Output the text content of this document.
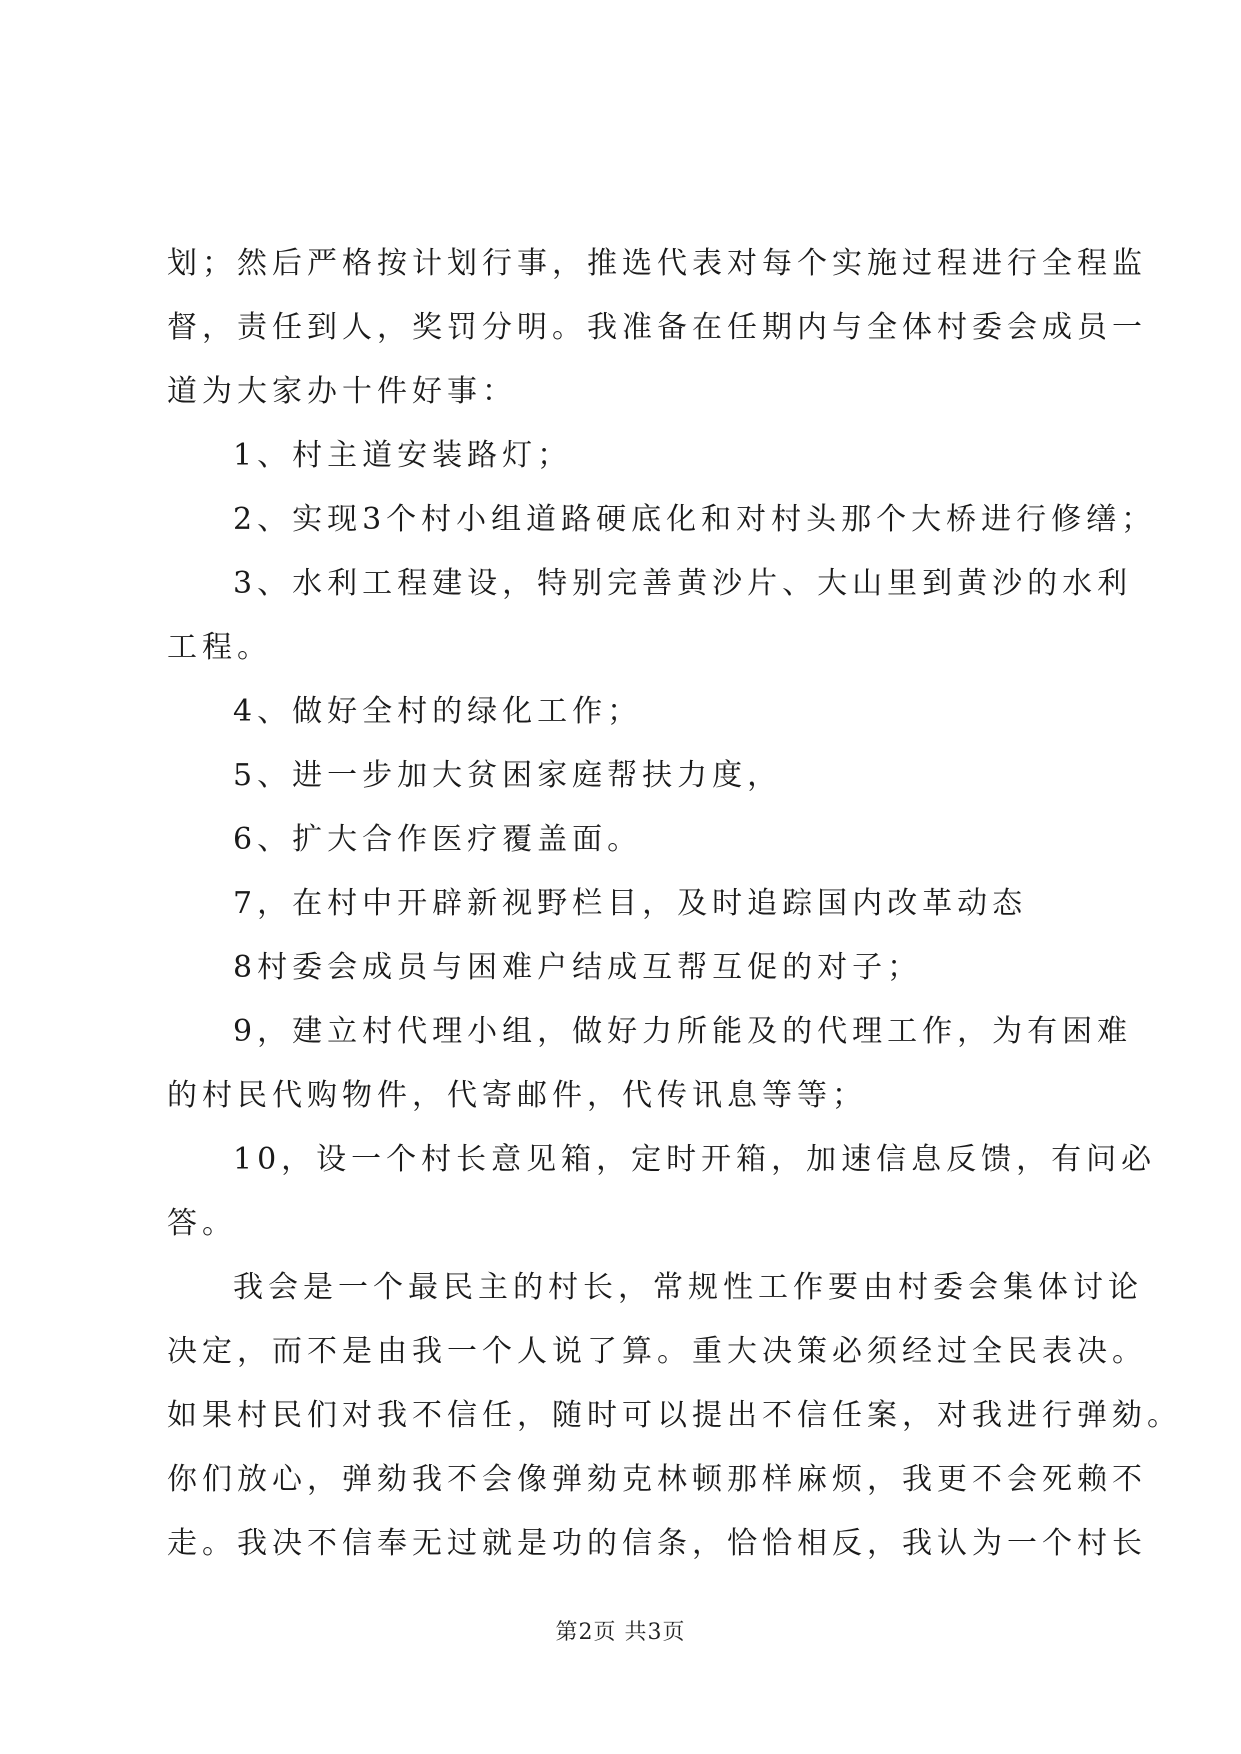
划；然后严格按计划行事，推选代表对每个实施过程进行全程监
督，责任到人，奖罚分明。我准备在任期内与全体村委会成员一
道为大家办十件好事：
1、村主道安装路灯；
2、实现3个村小组道路硬底化和对村头那个大桥进行修缮；
3、水利工程建设，特别完善黄沙片、大山里到黄沙的水利
工程。
4、做好全村的绿化工作；
5、进一步加大贫困家庭帮扶力度，
6、扩大合作医疗覆盖面。
7，在村中开辟新视野栏目，及时追踪国内改革动态
8村委会成员与困难户结成互帮互促的对子；
9，建立村代理小组，做好力所能及的代理工作，为有困难
的村民代购物件，代寄邮件，代传讯息等等；
10，设一个村长意见箱，定时开箱，加速信息反馈，有问必
答。
我会是一个最民主的村长，常规性工作要由村委会集体讨论
决定，而不是由我一个人说了算。重大决策必须经过全民表决。
如果村民们对我不信任，随时可以提出不信任案，对我进行弹劾。
你们放心，弹劾我不会像弹劾克林顿那样麻烦，我更不会死赖不
走。我决不信奉无过就是功的信条，恰恰相反，我认为一个村长
第2页 共3页
